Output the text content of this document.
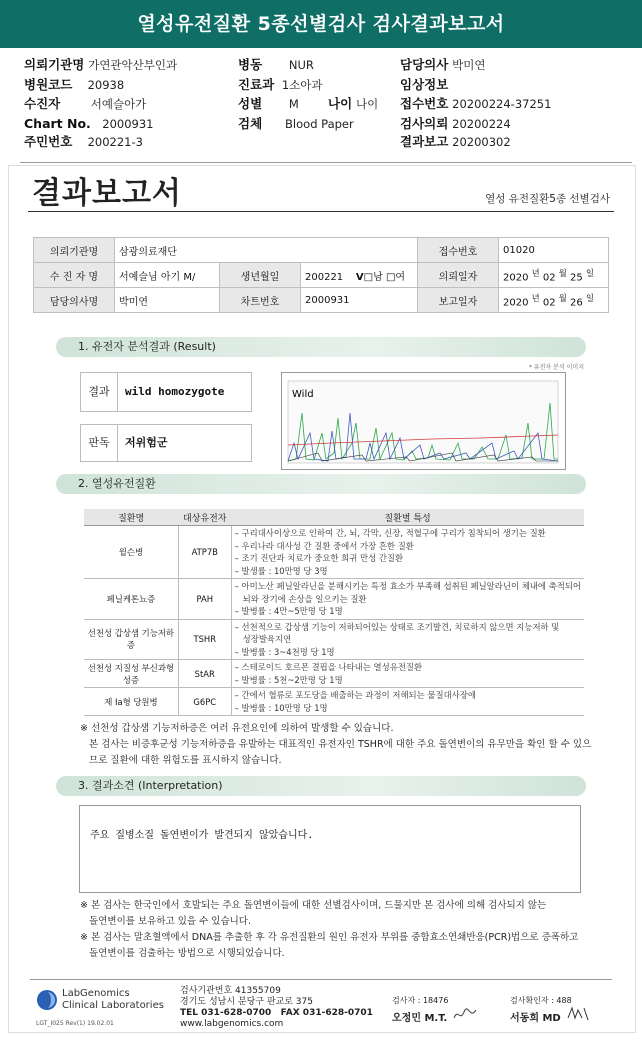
열성유전질환 5종선별검사 검사결과보고서
의뢰기관명 가연관악산부인과
병원코드 20938
수진자	서예슬아가
Chart No. 2000931
주민번호 200221-3
병동 NUR
진료과 1소아과
성별 M 나이 나이
검체 Blood Paper
담당의사 박미연
임상정보
접수번호 20200224-37251
검사의뢰 20200224
결과보고 20200302
결과보고서	열성 유전질환5종 선별검사
의뢰기관명	삼광의료재단			접수번호	01020
수 진 자 명	서예슬님 아기 M/	생년월일	200221 V□남 □여	의뢰일자	2020 $^년$ 02 $^월$ 25 $^일$
담당의사명	박미연	차트번호	2000931	보고일자	2020 $^년$ 02 $^월$ 26 $^일$
1. 유전자 분석결과 (Result)
* 유전자 분석 이미지
결과	wild homozygote
판독	저위험군
Wild
2. 열성유전질환
질환명	대상유전자	질환별 특성
윌슨병	ATP7B	– 구리대사이상으로 인하여 간, 뇌, 각막, 신장, 적혈구에 구리가 침착되어 생기는 질환
– 우리나라 대사성 간 질환 중에서 가장 흔한 질환
– 조기 진단과 치료가 중요한 희귀 만성 간질환
– 발생률 : 10만명 당 3명

페닐케톤뇨증	PAH	– 아미노산 페닐알라닌을 분해시키는 특정 효소가 부족해 섭취된 페닐알라닌이 체내에 축적되어
뇌와 장기에 손상을 일으키는 질환
– 발병률 : 4만~5만명 당 1명

선천성 갑상샘 기능저하증	TSHR	– 선천적으로 갑상샘 기능이 저하되어있는 상태로 조기발견, 치료하지 않으면 지능저하 및
성장발육지연
– 발병률 : 3~4천명 당 1명

선천성 지질성 부신과형성증	StAR	– 스테로이드 호르몬 결핍을 나타내는 열성유전질환
– 발병률 : 5천~2만명 당 1명

제 Ia형 당원병	G6PC	– 간에서 혈류로 포도당을 배출하는 과정이 저해되는 물질대사장애
– 발병률 : 10만명 당 1명
※ 선천성 갑상샘 기능저하증은 여러 유전요인에 의하여 발생할 수 있습니다.
본 검사는 비증후군성 기능저하증을 유발하는 대표적인 유전자인 TSHR에 대한 주요 돌연변이의 유무만을 확인 할 수 있으
므로 질환에 대한 위험도를 표시하지 않습니다.
3. 결과소견 (Interpretation)
주요 질병소질 돌연변이가 발견되지 않았습니다.
※ 본 검사는 한국인에서 호발되는 주요 돌연변이들에 대한 선별검사이며, 드물지만 본 검사에 의해 검사되지 않는
돌연변이를 보유하고 있을 수 있습니다.
※ 본 검사는 말초혈액에서 DNA를 추출한 후 각 유전질환의 원인 유전자 부위를 중합효소연쇄반응(PCR)법으로 증폭하고
돌연변이를 검출하는 방법으로 시행되었습니다.
LabGenomics
Clinical Laboratories
LGT_I025 Rev(1) 19.02.01
검사기관번호 41355709
경기도 성남시 분당구 판교로 375
TEL 031-628-0700   FAX 031-628-0701
www.labgenomics.com
검사자 : 18476
오정민 M.T.
검사확인자 : 488
서동희 MD
